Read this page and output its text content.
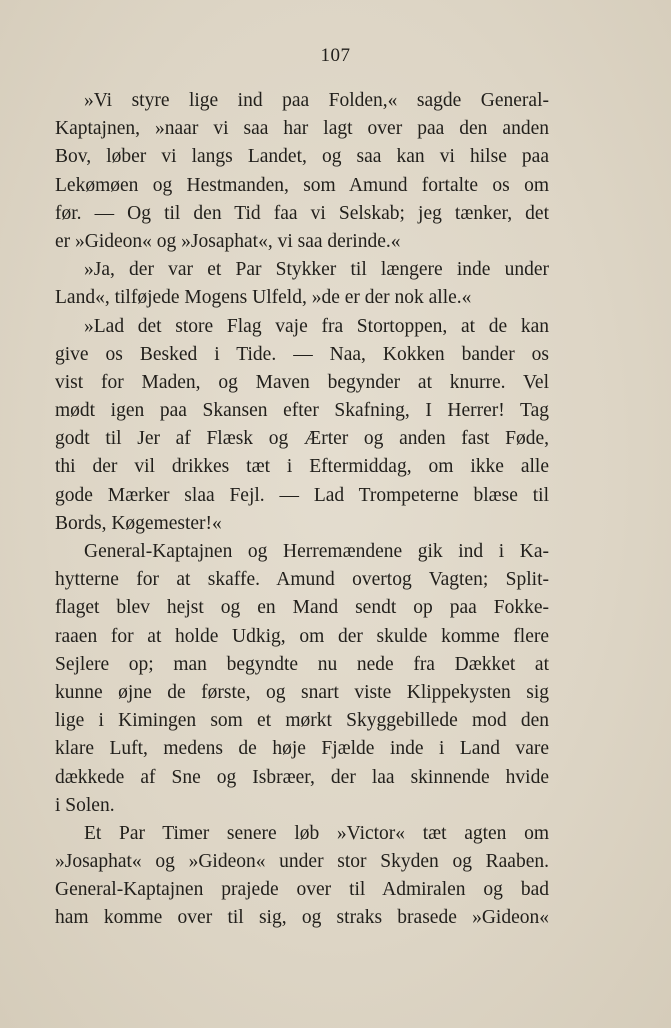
107
»Vi styre lige ind paa Folden,« sagde General-
Kaptajnen, »naar vi saa har lagt over paa den anden
Bov, løber vi langs Landet, og saa kan vi hilse paa
Lekømøen og Hestmanden, som Amund fortalte os om
før. — Og til den Tid faa vi Selskab; jeg tænker, det
er »Gideon« og »Josaphat«, vi saa derinde.«
»Ja, der var et Par Stykker til længere inde under
Land«, tilføjede Mogens Ulfeld, »de er der nok alle.«
»Lad det store Flag vaje fra Stortoppen, at de kan
give os Besked i Tide. — Naa, Kokken bander os
vist for Maden, og Maven begynder at knurre. Vel
mødt igen paa Skansen efter Skafning, I Herrer! Tag
godt til Jer af Flæsk og Ærter og anden fast Føde,
thi der vil drikkes tæt i Eftermiddag, om ikke alle
gode Mærker slaa Fejl. — Lad Trompeterne blæse til
Bords, Køgemester!«
General-Kaptajnen og Herremændene gik ind i Ka-
hytterne for at skaffe. Amund overtog Vagten; Split-
flaget blev hejst og en Mand sendt op paa Fokke-
raaen for at holde Udkig, om der skulde komme flere
Sejlere op; man begyndte nu nede fra Dækket at
kunne øjne de første, og snart viste Klippekysten sig
lige i Kimingen som et mørkt Skyggebillede mod den
klare Luft, medens de høje Fjælde inde i Land vare
dækkede af Sne og Isbræer, der laa skinnende hvide
i Solen.
Et Par Timer senere løb »Victor« tæt agten om
»Josaphat« og »Gideon« under stor Skyden og Raaben.
General-Kaptajnen prajede over til Admiralen og bad
ham komme over til sig, og straks brasede »Gideon«
